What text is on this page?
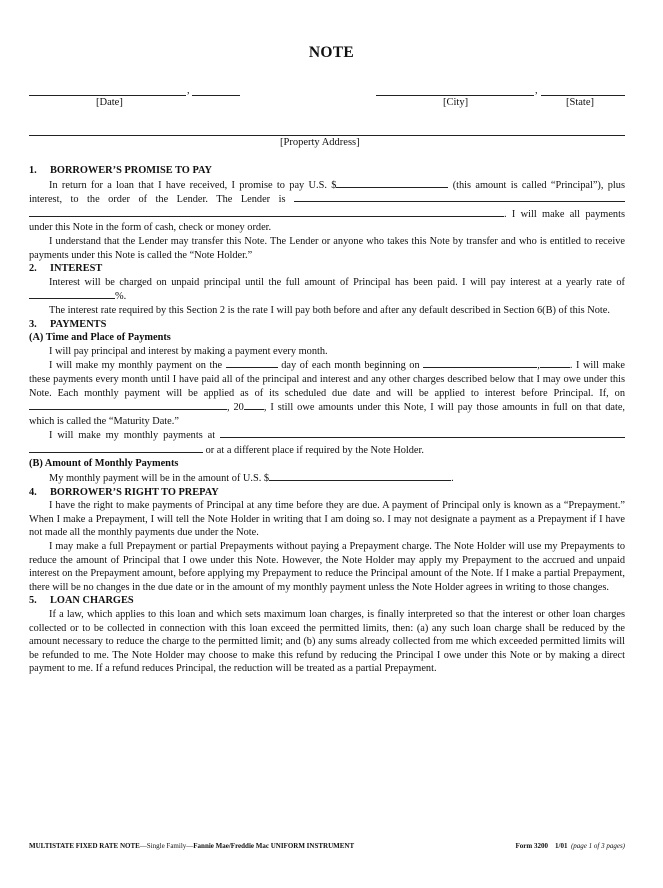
NOTE
,
[Date]
,
[City]	[State]
[Property Address]

1. BORROWER’S PROMISE TO PAY

In return for a loan that I have received, I promise to pay U.S. $	(this amount is called “Principal”), plus interest, to the order of the Lender. The Lender is . I will make all payments under this Note in the form of cash, check or money order.

I understand that the Lender may transfer this Note. The Lender or anyone who takes this Note by transfer and who is entitled to receive payments under this Note is called the “Note Holder.”

2. INTEREST

Interest will be charged on unpaid principal until the full amount of Principal has been paid. I will pay interest at a yearly rate of %.

The interest rate required by this Section 2 is the rate I will pay both before and after any default described in Section 6(B) of this Note.

3. PAYMENTS

(A) Time and Place of Payments

I will pay principal and interest by making a payment every month.

I will make my monthly payment on the	day of each month beginning on	,	. I will make these payments every month until I have paid all of the principal and interest and any other charges described below that I may owe under this Note. Each monthly payment will be applied as of its scheduled due date and will be applied to interest before Principal. If, on , 20 , I still owe amounts under this Note, I will pay those amounts in full on that date, which is called the “Maturity Date.”

I will make my monthly payments at  or at a different place if required by the Note Holder.

(B) Amount of Monthly Payments

My monthly payment will be in the amount of U.S. $	.

4. BORROWER’S RIGHT TO PREPAY

I have the right to make payments of Principal at any time before they are due. A payment of Principal only is known as a “Prepayment.” When I make a Prepayment, I will tell the Note Holder in writing that I am doing so. I may not designate a payment as a Prepayment if I have not made all the monthly payments due under the Note.

I may make a full Prepayment or partial Prepayments without paying a Prepayment charge. The Note Holder will use my Prepayments to reduce the amount of Principal that I owe under this Note. However, the Note Holder may apply my Prepayment to the accrued and unpaid interest on the Prepayment amount, before applying my Prepayment to reduce the Principal amount of the Note. If I make a partial Prepayment, there will be no changes in the due date or in the amount of my monthly payment unless the Note Holder agrees in writing to those changes.

5. LOAN CHARGES

If a law, which applies to this loan and which sets maximum loan charges, is finally interpreted so that the interest or other loan charges collected or to be collected in connection with this loan exceed the permitted limits, then: (a) any such loan charge shall be reduced by the amount necessary to reduce the charge to the permitted limit; and (b) any sums already collected from me which exceeded permitted limits will be refunded to me. The Note Holder may choose to make this refund by reducing the Principal I owe under this Note or by making a direct payment to me. If a refund reduces Principal, the reduction will be treated as a partial Prepayment.

MULTISTATE FIXED RATE NOTE—Single Family—Fannie Mae/Freddie Mac UNIFORM INSTRUMENT	Form 3200 1/01 (page 1 of 3 pages)
